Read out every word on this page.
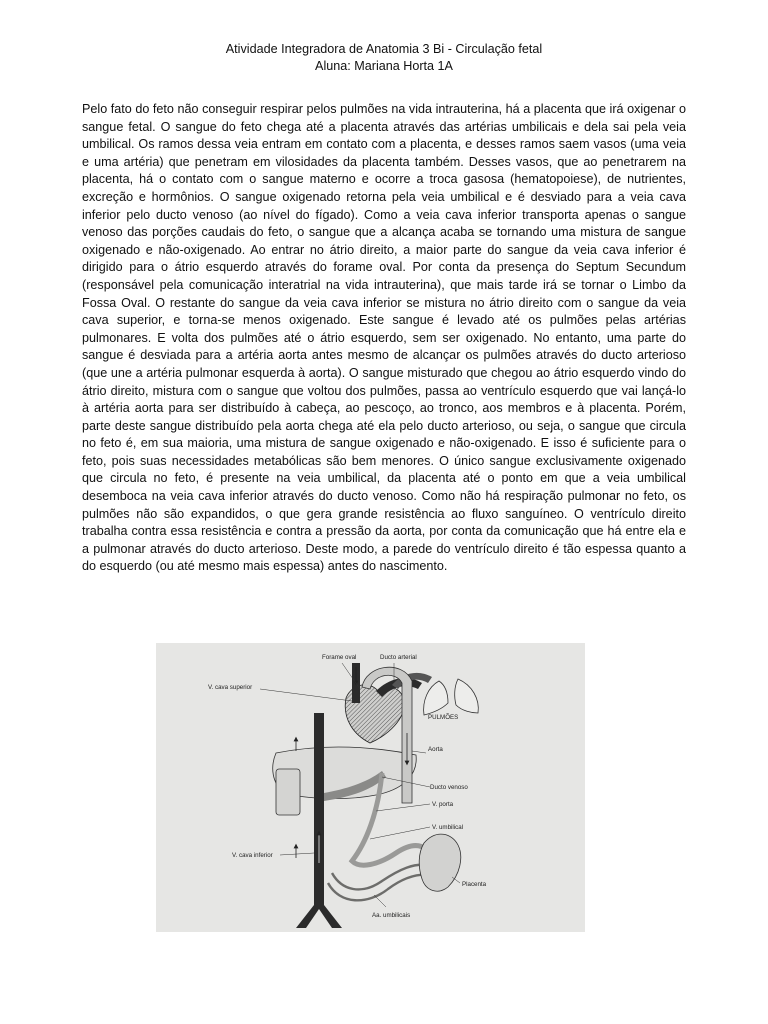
Atividade Integradora de Anatomia 3 Bi - Circulação fetal
Aluna: Mariana Horta 1A

Pelo fato do feto não conseguir respirar pelos pulmões na vida intrauterina, há a placenta que irá oxigenar o sangue fetal. O sangue do feto chega até a placenta através das artérias umbilicais e dela sai pela veia umbilical. Os ramos dessa veia entram em contato com a placenta, e desses ramos saem vasos (uma veia e uma artéria) que penetram em vilosidades da placenta também. Desses vasos, que ao penetrarem na placenta, há o contato com o sangue materno e ocorre a troca gasosa (hematopoiese), de nutrientes, excreção e hormônios. O sangue oxigenado retorna pela veia umbilical e é desviado para a veia cava inferior pelo ducto venoso (ao nível do fígado). Como a veia cava inferior transporta apenas o sangue venoso das porções caudais do feto, o sangue que a alcança acaba se tornando uma mistura de sangue oxigenado e não-oxigenado. Ao entrar no átrio direito, a maior parte do sangue da veia cava inferior é dirigido para o átrio esquerdo através do forame oval. Por conta da presença do Septum Secundum (responsável pela comunicação interatrial na vida intrauterina), que mais tarde irá se tornar o Limbo da Fossa Oval. O restante do sangue da veia cava inferior se mistura no átrio direito com o sangue da veia cava superior, e torna-se menos oxigenado. Este sangue é levado até os pulmões pelas artérias pulmonares. E volta dos pulmões até o átrio esquerdo, sem ser oxigenado. No entanto, uma parte do sangue é desviada para a artéria aorta antes mesmo de alcançar os pulmões através do ducto arterioso (que une a artéria pulmonar esquerda à aorta). O sangue misturado que chegou ao átrio esquerdo vindo do átrio direito, mistura com o sangue que voltou dos pulmões, passa ao ventrículo esquerdo que vai lançá-lo à artéria aorta para ser distribuído à cabeça, ao pescoço, ao tronco, aos membros e à placenta. Porém, parte deste sangue distribuído pela aorta chega até ela pelo ducto arterioso, ou seja, o sangue que circula no feto é, em sua maioria, uma mistura de sangue oxigenado e não-oxigenado. E isso é suficiente para o feto, pois suas necessidades metabólicas são bem menores. O único sangue exclusivamente oxigenado que circula no feto, é presente na veia umbilical, da placenta até o ponto em que a veia umbilical desemboca na veia cava inferior através do ducto venoso. Como não há respiração pulmonar no feto, os pulmões não são expandidos, o que gera grande resistência ao fluxo sanguíneo. O ventrículo direito trabalha contra essa resistência e contra a pressão da aorta, por conta da comunicação que há entre ela e a pulmonar através do ducto arterioso. Deste modo, a parede do ventrículo direito é tão espessa quanto a do esquerdo (ou até mesmo mais espessa) antes do nascimento.

Forame oval	Ducto arterial
V. cava superior
PULMÕES
Aorta
Ducto venoso
V. porta
V. umbilical
V. cava inferior
Placenta
Aa. umbilicais
